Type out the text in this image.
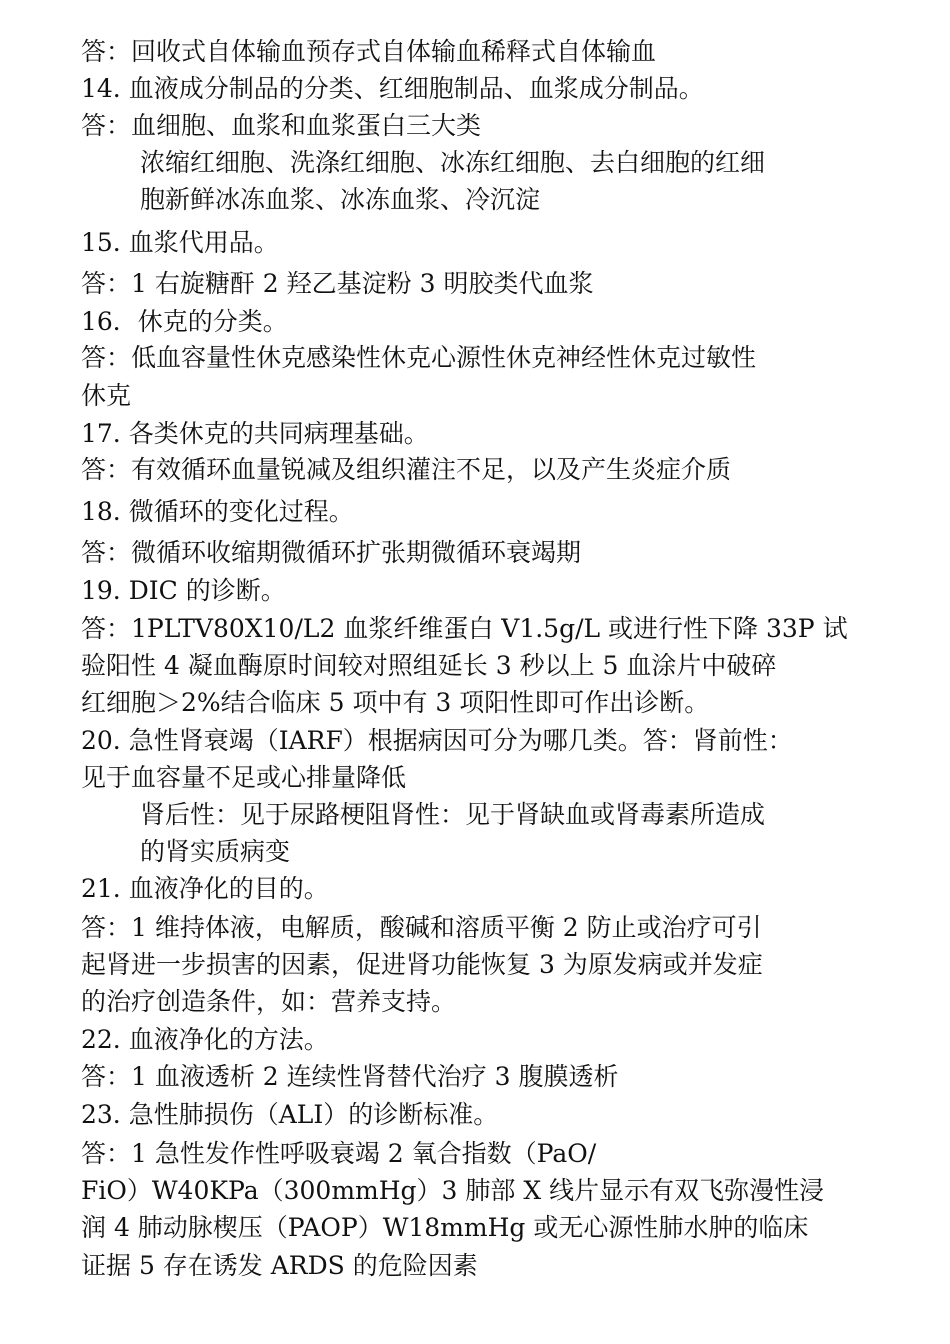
答：回收式自体输血预存式自体输血稀释式自体输血
14. 血液成分制品的分类、红细胞制品、血浆成分制品。
答：血细胞、血浆和血浆蛋白三大类
浓缩红细胞、洗涤红细胞、冰冻红细胞、去白细胞的红细
胞新鲜冰冻血浆、冰冻血浆、冷沉淀
15. 血浆代用品。
答：1 右旋糖酐 2 羟乙基淀粉 3 明胶类代血浆
16．休克的分类。
答：低血容量性休克感染性休克心源性休克神经性休克过敏性
休克
17. 各类休克的共同病理基础。
答：有效循环血量锐减及组织灌注不足，以及产生炎症介质
18. 微循环的变化过程。
答：微循环收缩期微循环扩张期微循环衰竭期
19. DIC 的诊断。
答：1PLTV80X10/L2 血浆纤维蛋白 V1.5g/L 或进行性下降 33P 试
验阳性 4 凝血酶原时间较对照组延长 3 秒以上 5 血涂片中破碎
红细胞＞2%结合临床 5 项中有 3 项阳性即可作出诊断。
20. 急性肾衰竭（IARF）根据病因可分为哪几类。答：肾前性：
见于血容量不足或心排量降低
肾后性：见于尿路梗阻肾性：见于肾缺血或肾毒素所造成
的肾实质病变
21. 血液净化的目的。
答：1 维持体液，电解质，酸碱和溶质平衡 2 防止或治疗可引
起肾进一步损害的因素，促进肾功能恢复 3 为原发病或并发症
的治疗创造条件，如：营养支持。
22. 血液净化的方法。
答：1 血液透析 2 连续性肾替代治疗 3 腹膜透析
23. 急性肺损伤（ALI）的诊断标准。
答：1 急性发作性呼吸衰竭 2 氧合指数（PaO/
FiO）W40KPa（300mmHg）3 肺部 X 线片显示有双飞弥漫性浸
润 4 肺动脉楔压（PAOP）W18mmHg 或无心源性肺水肿的临床
证据 5 存在诱发 ARDS 的危险因素
